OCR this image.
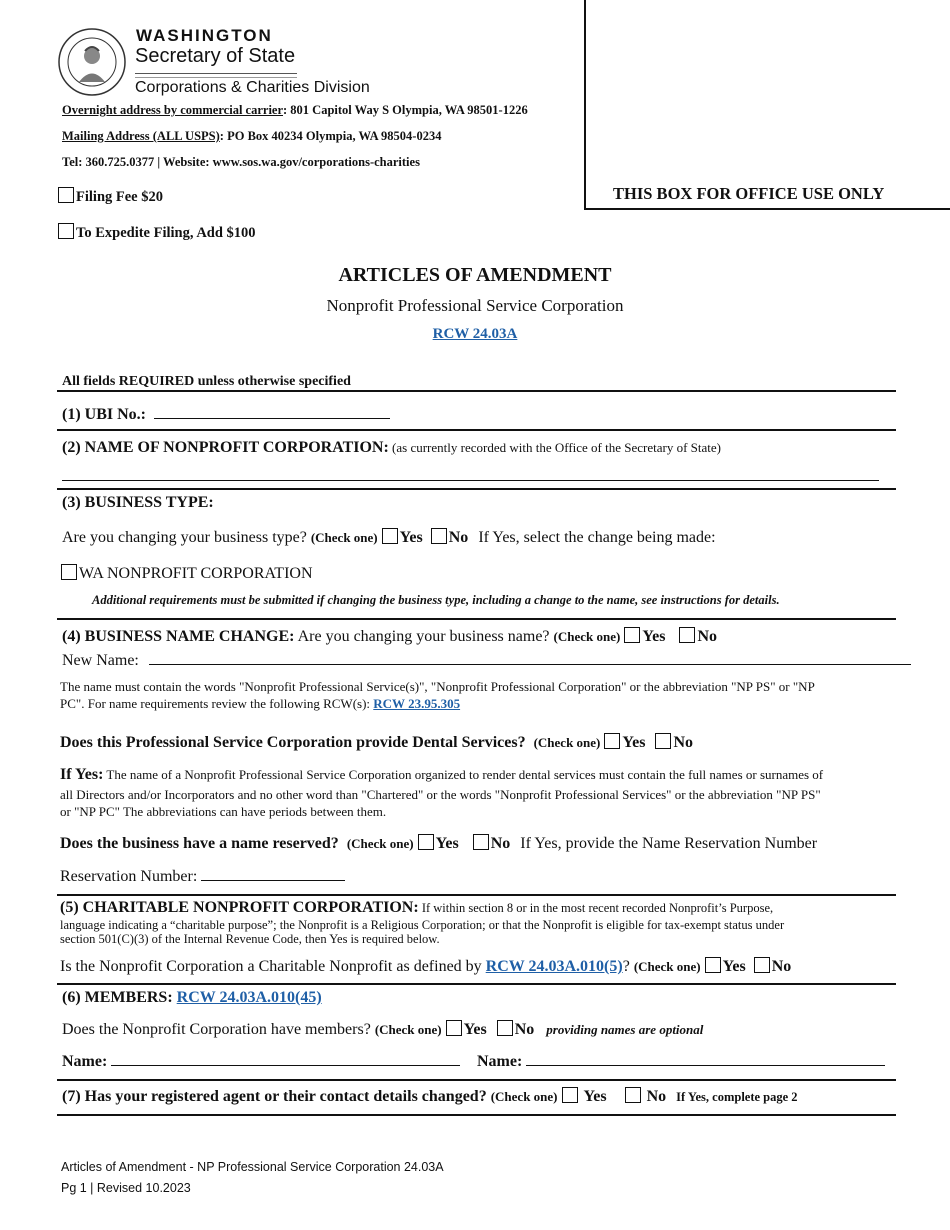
WASHINGTON
Secretary of State
Corporations & Charities Division
Overnight address by commercial carrier: 801 Capitol Way S Olympia, WA 98501-1226
Mailing Address (ALL USPS): PO Box 40234 Olympia, WA 98504-0234
Tel: 360.725.0377 | Website: www.sos.wa.gov/corporations-charities
Filing Fee $20
To Expedite Filing, Add $100
THIS BOX FOR OFFICE USE ONLY
ARTICLES OF AMENDMENT
Nonprofit Professional Service Corporation
RCW 24.03A
All fields REQUIRED unless otherwise specified
(1) UBI No.:
(2) NAME OF NONPROFIT CORPORATION: (as currently recorded with the Office of the Secretary of State)
(3) BUSINESS TYPE:
Are you changing your business type? (Check one) Yes No If Yes, select the change being made:
WA NONPROFIT CORPORATION
Additional requirements must be submitted if changing the business type, including a change to the name, see instructions for details.
(4) BUSINESS NAME CHANGE: Are you changing your business name? (Check one) Yes No
New Name:
The name must contain the words "Nonprofit Professional Service(s)", "Nonprofit Professional Corporation" or the abbreviation "NP PS" or "NP
PC". For name requirements review the following RCW(s): RCW 23.95.305
Does this Professional Service Corporation provide Dental Services? (Check one) Yes No
If Yes: The name of a Nonprofit Professional Service Corporation organized to render dental services must contain the full names or surnames of
all Directors and/or Incorporators and no other word than "Chartered" or the words "Nonprofit Professional Services" or the abbreviation "NP PS"
or "NP PC" The abbreviations can have periods between them.
Does the business have a name reserved? (Check one) Yes No If Yes, provide the Name Reservation Number
Reservation Number:
(5) CHARITABLE NONPROFIT CORPORATION: If within section 8 or in the most recent recorded Nonprofit’s Purpose,
language indicating a “charitable purpose”; the Nonprofit is a Religious Corporation; or that the Nonprofit is eligible for tax-exempt status under
section 501(C)(3) of the Internal Revenue Code, then Yes is required below.
Is the Nonprofit Corporation a Charitable Nonprofit as defined by RCW 24.03A.010(5)? (Check one) Yes No
(6) MEMBERS: RCW 24.03A.010(45)
Does the Nonprofit Corporation have members? (Check one) Yes No providing names are optional
Name:	Name:
(7) Has your registered agent or their contact details changed? (Check one) Yes	No If Yes, complete page 2
Articles of Amendment - NP Professional Service Corporation 24.03A
Pg 1 | Revised 10.2023
